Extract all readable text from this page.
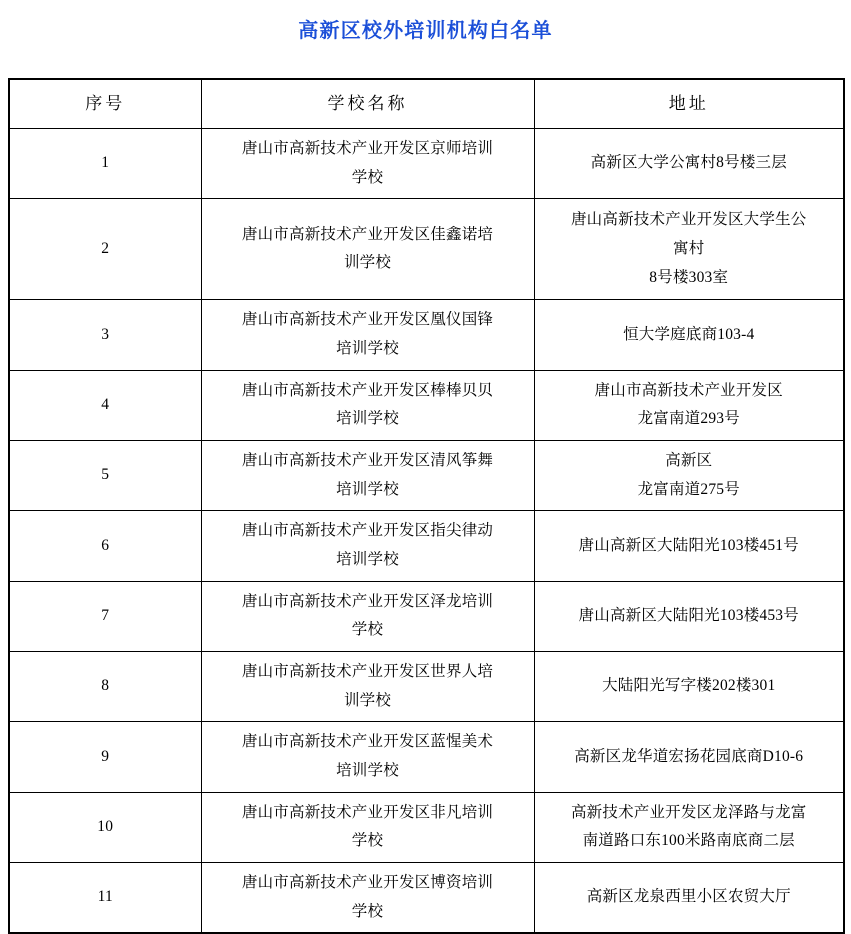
高新区校外培训机构白名单
序号	学校名称	地址
1	唐山市高新技术产业开发区京师培训
学校	高新区大学公寓村8号楼三层

2	唐山市高新技术产业开发区佳鑫诺培
训学校	唐山高新技术产业开发区大学生公
寓村
8号楼303室

3	唐山市高新技术产业开发区凰仪国锋
培训学校	恒大学庭底商103-4

4	唐山市高新技术产业开发区棒棒贝贝
培训学校	唐山市高新技术产业开发区
龙富南道293号

5	唐山市高新技术产业开发区清风筝舞
培训学校	高新区
龙富南道275号

6	唐山市高新技术产业开发区指尖律动
培训学校	唐山高新区大陆阳光103楼451号

7	唐山市高新技术产业开发区泽龙培训
学校	唐山高新区大陆阳光103楼453号

8	唐山市高新技术产业开发区世界人培
训学校	大陆阳光写字楼202楼301

9	唐山市高新技术产业开发区蓝惺美术
培训学校	高新区龙华道宏扬花园底商D10-6

10	唐山市高新技术产业开发区非凡培训
学校	高新技术产业开发区龙泽路与龙富
南道路口东100米路南底商二层

11	唐山市高新技术产业开发区博资培训
学校	高新区龙泉西里小区农贸大厅
